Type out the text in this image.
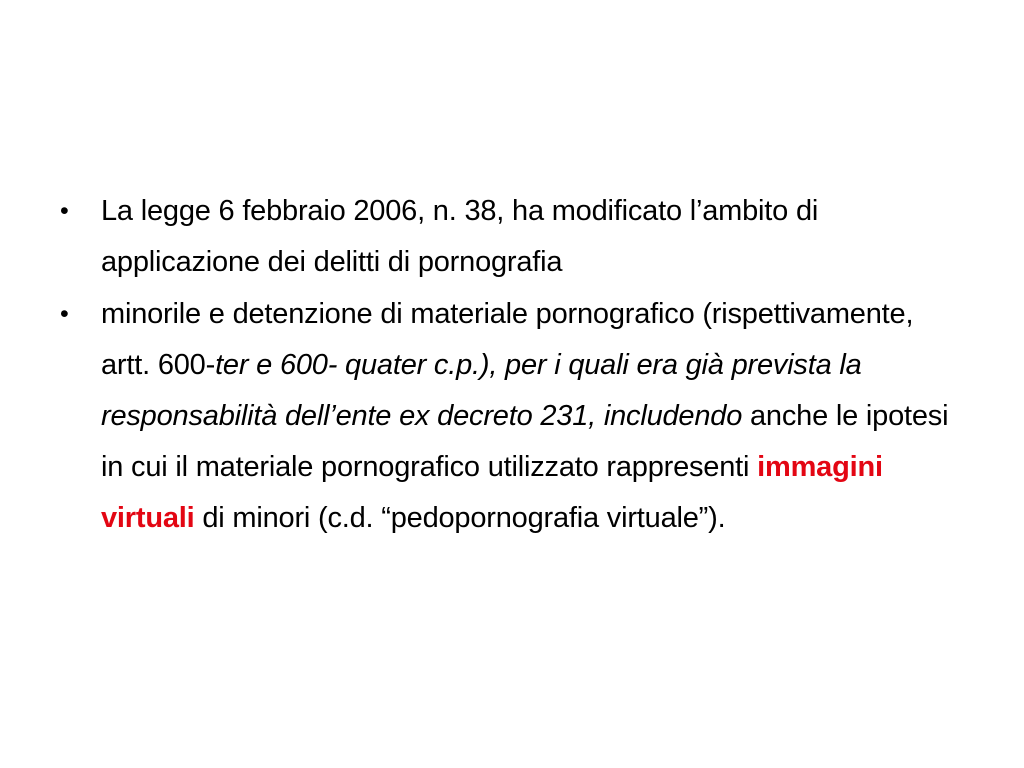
• La legge 6 febbraio 2006, n. 38, ha modificato l’ambito di applicazione dei delitti di pornografia
• minorile e detenzione di materiale pornografico (rispettivamente, artt. 600-ter e 600- quater c.p.), per i quali era già prevista la responsabilità dell’ente ex decreto 231, includendo anche le ipotesi in cui il materiale pornografico utilizzato rappresenti immagini virtuali di minori (c.d. “pedopornografia virtuale”).
